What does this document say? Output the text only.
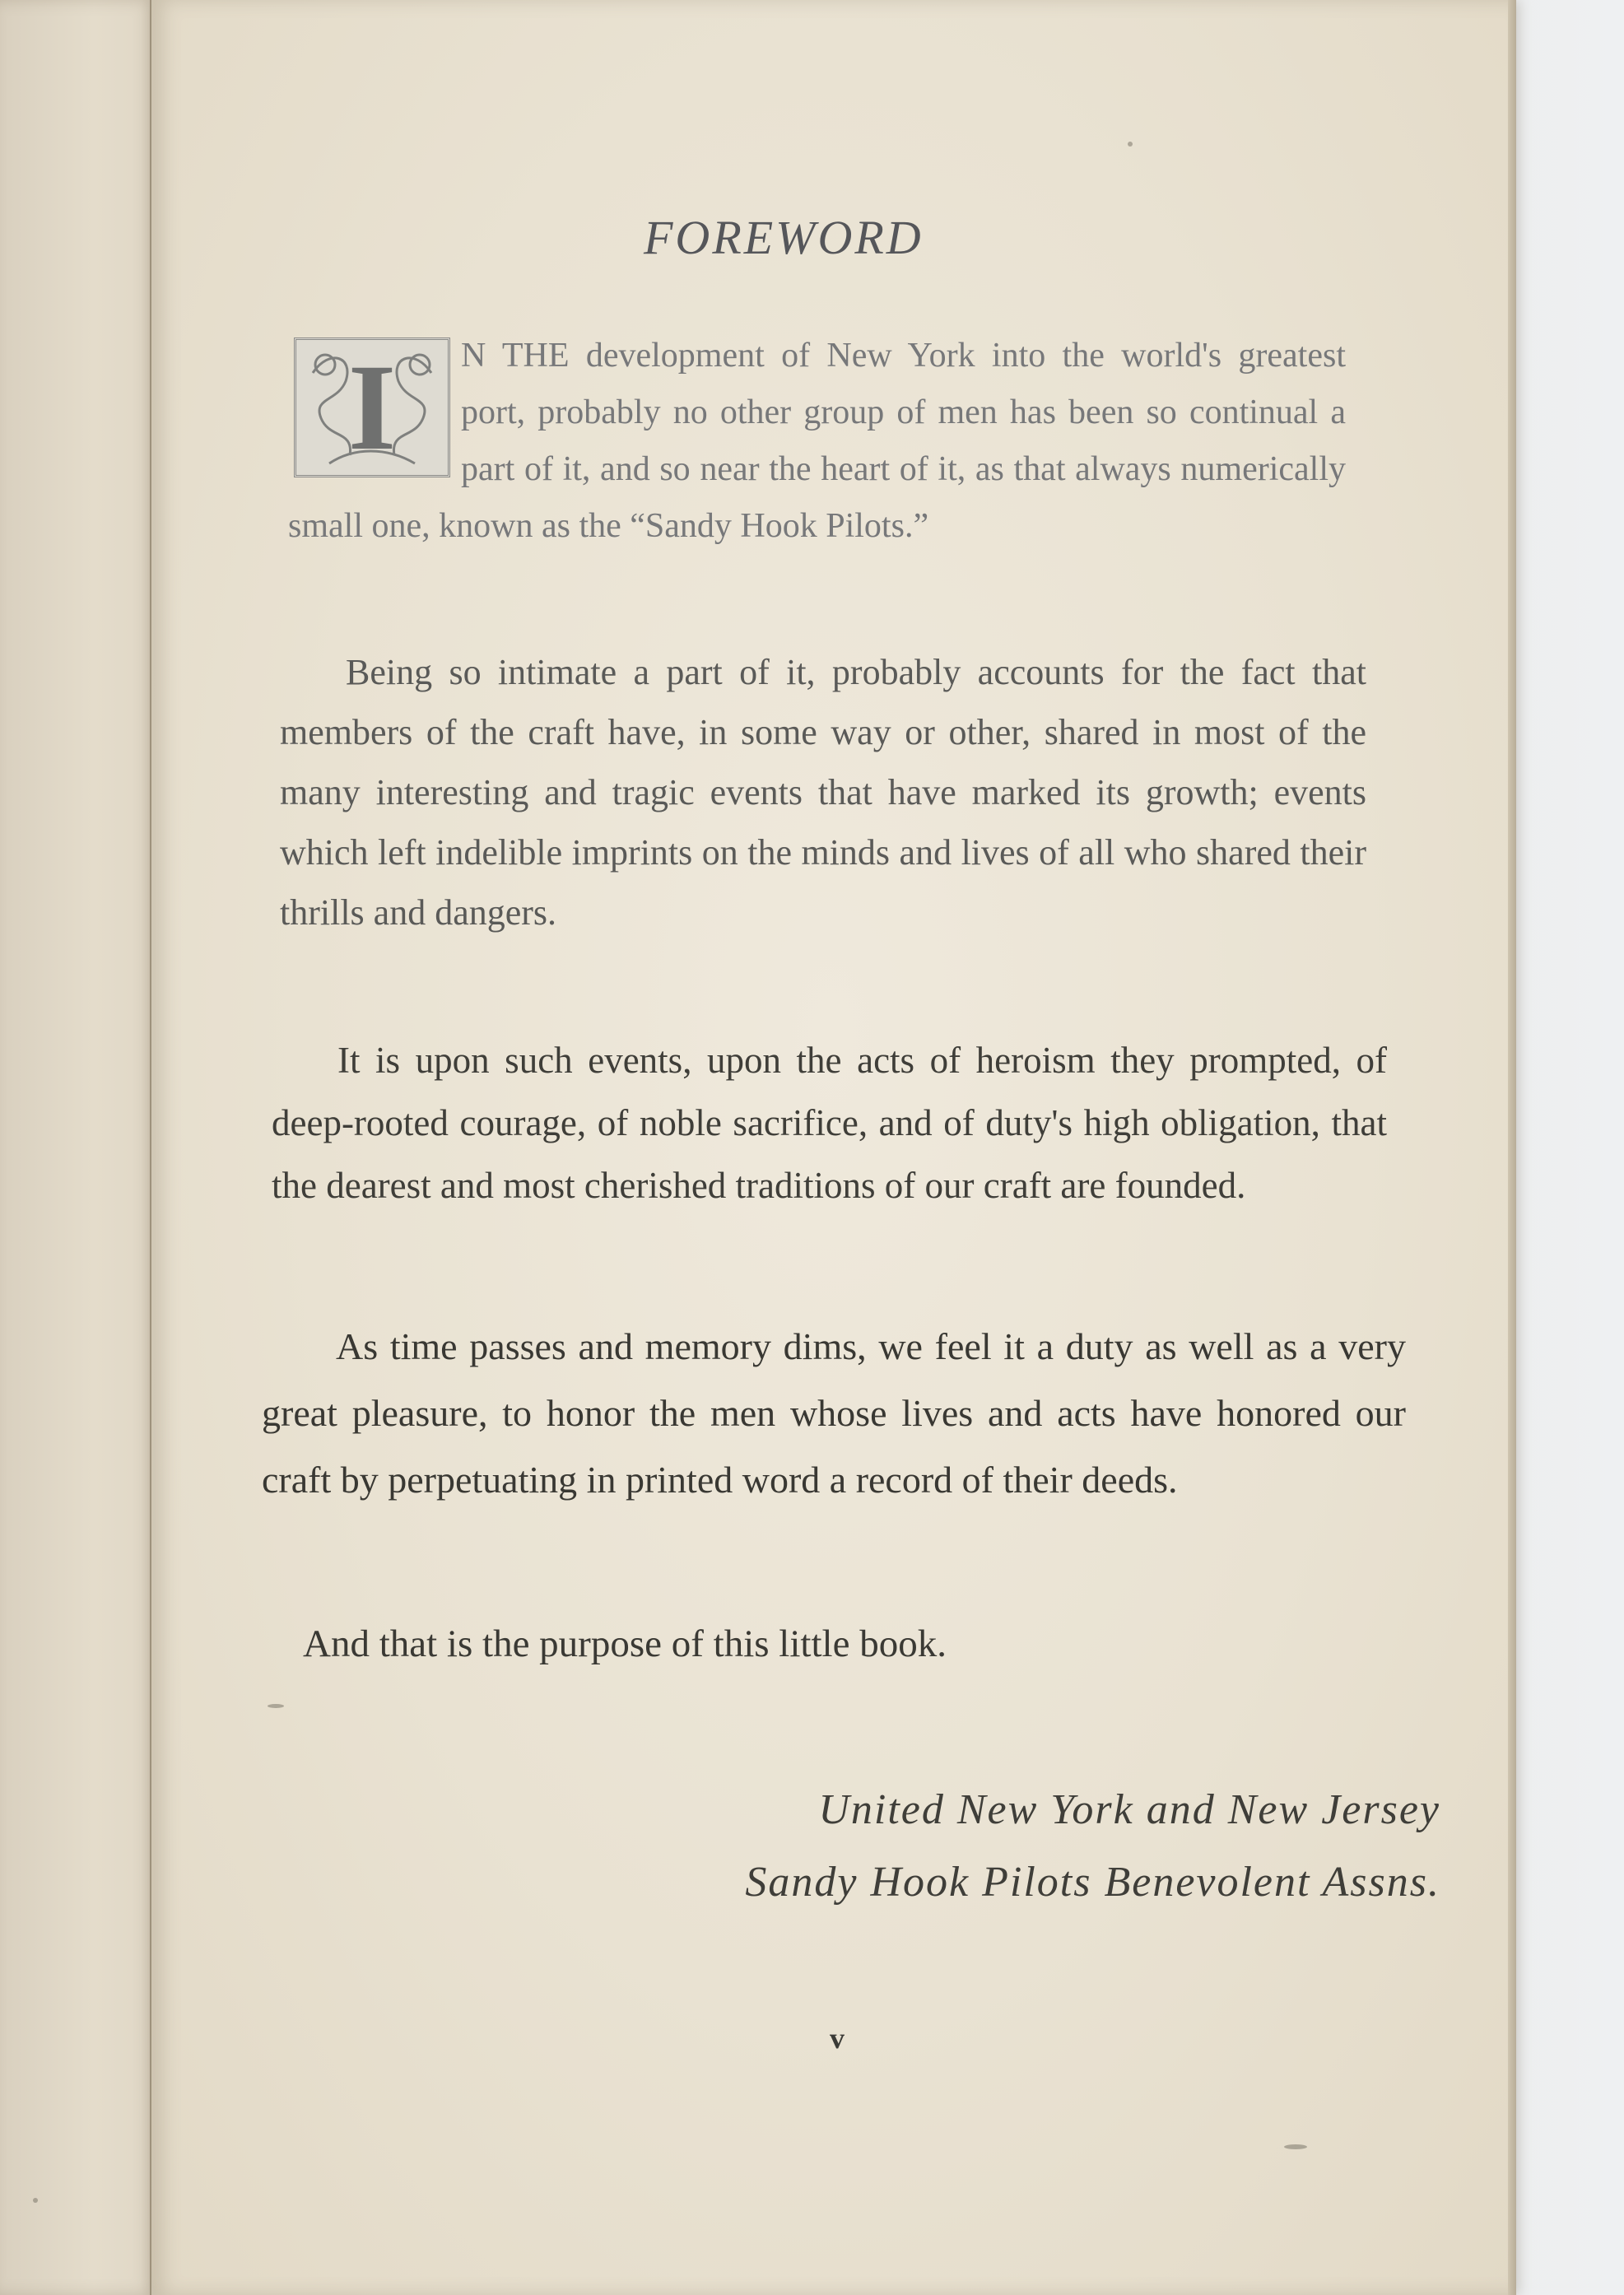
FOREWORD
I	N THE development of New York into the world's greatest port, probably no other group of men has been so continual a part of it, and so near the heart of it, as that always numerically small one, known as the “Sandy Hook Pilots.”

Being so intimate a part of it, probably accounts for the fact that members of the craft have, in some way or other, shared in most of the many interesting and tragic events that have marked its growth; events which left indelible imprints on the minds and lives of all who shared their thrills and dangers.

It is upon such events, upon the acts of heroism they prompted, of deep-rooted courage, of noble sacrifice, and of duty's high obligation, that the dearest and most cherished traditions of our craft are founded.

As time passes and memory dims, we feel it a duty as well as a very great pleasure, to honor the men whose lives and acts have honored our craft by perpetuating in printed word a record of their deeds.

And that is the purpose of this little book.

United New York and New Jersey
Sandy Hook Pilots Benevolent Assns.
v
